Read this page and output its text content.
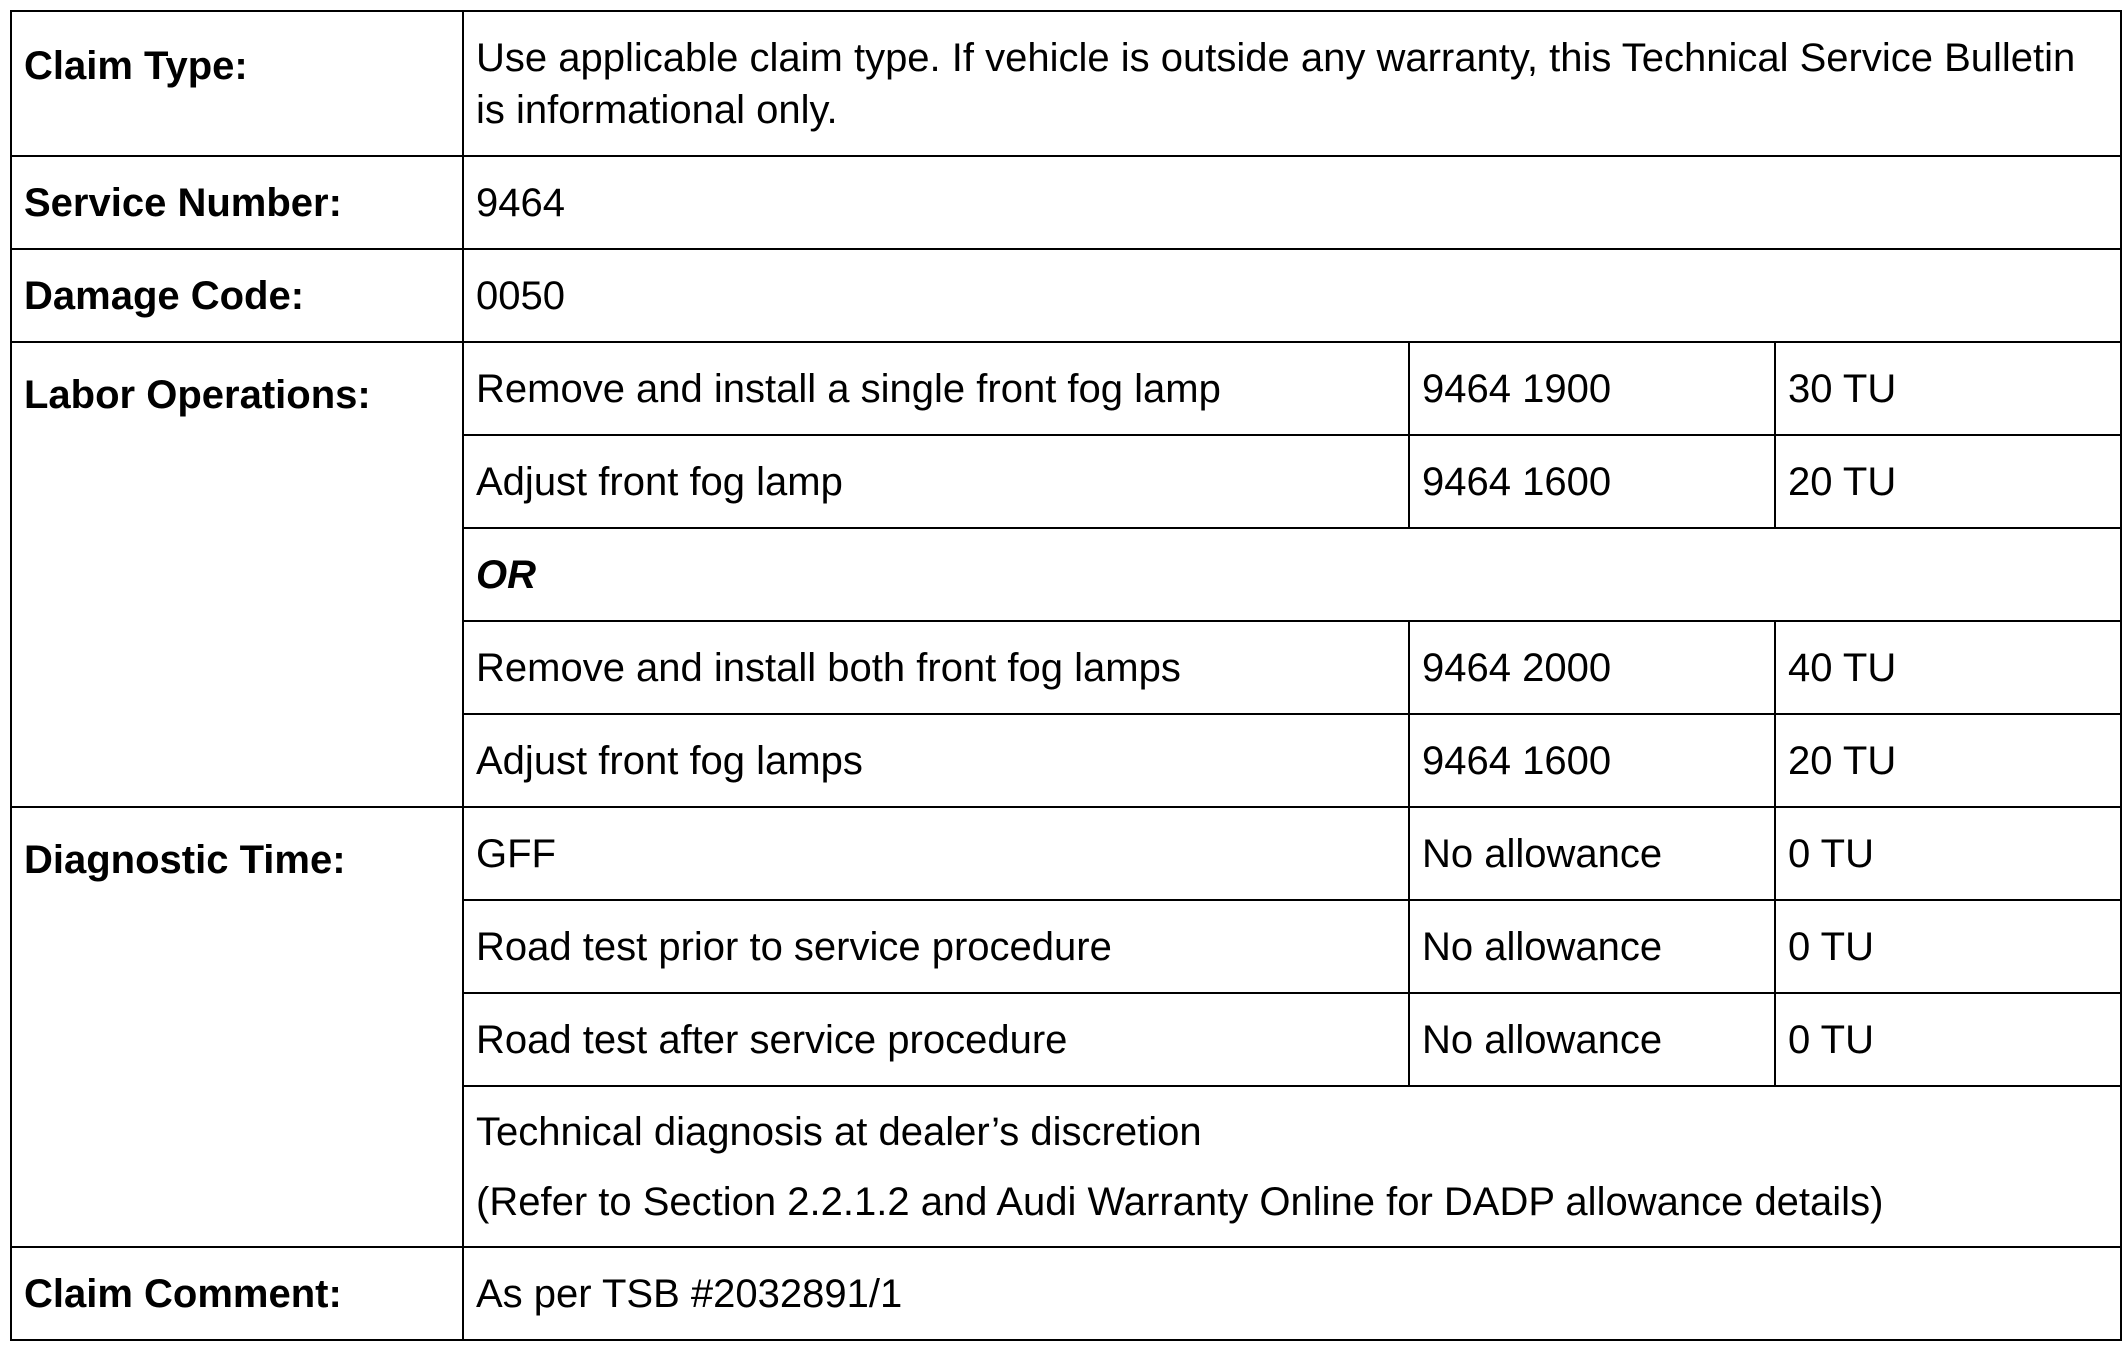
Claim Type:	Use applicable claim type. If vehicle is outside any warranty, this Technical Service Bulletin is informational only.		
Service Number:	9464		
Damage Code:	0050		
Labor Operations:	Remove and install a single front fog lamp	9464 1900	30 TU
	Adjust front fog lamp	9464 1600	20 TU
	OR		
	Remove and install both front fog lamps	9464 2000	40 TU
	Adjust front fog lamps	9464 1600	20 TU
Diagnostic Time:	GFF	No allowance	0 TU
	Road test prior to service procedure	No allowance	0 TU
	Road test after service procedure	No allowance	0 TU

	Technical diagnosis at dealer’s discretion
(Refer to Section 2.2.1.2 and Audi Warranty Online for DADP allowance details)		

Claim Comment:	As per TSB #2032891/1		
